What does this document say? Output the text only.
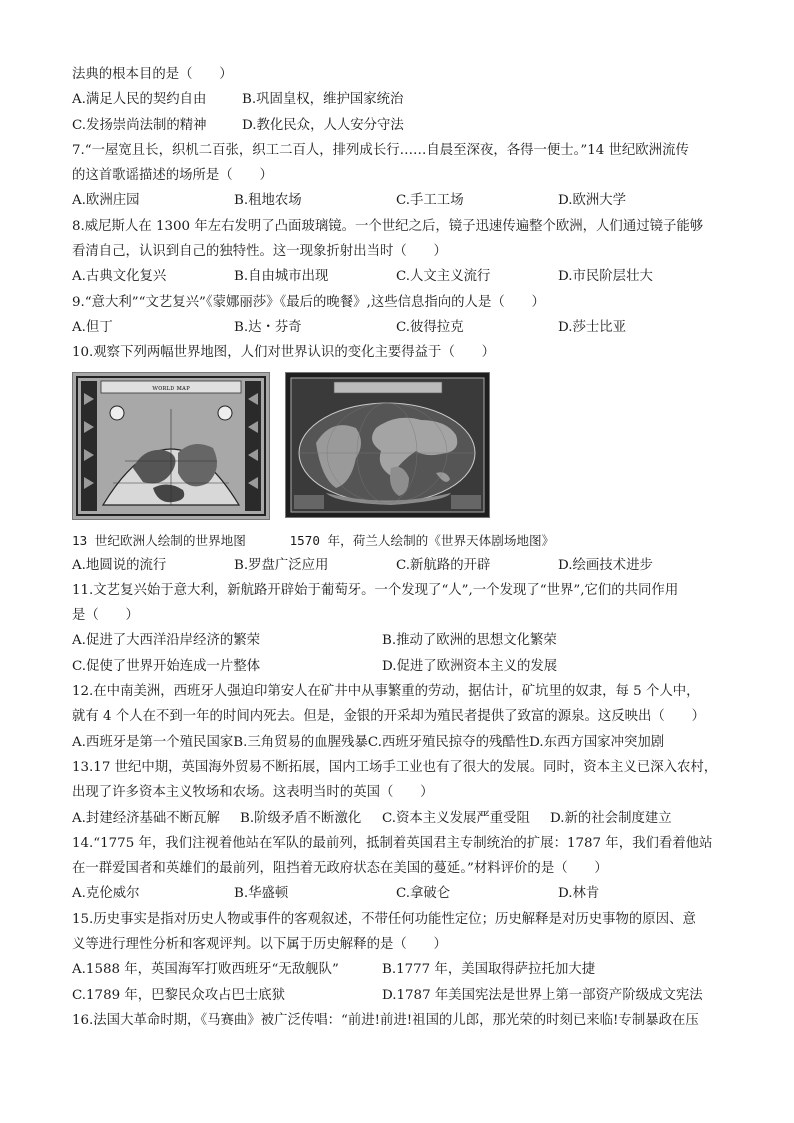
法典的根本目的是（　　）
A.满足人民的契约自由	B.巩固皇权，维护国家统治
C.发扬崇尚法制的精神	D.教化民众，人人安分守法
7.“一屋宽且长，织机二百张，织工二百人，排列成长行……自晨至深夜，各得一便士。”14 世纪欧洲流传
的这首歌谣描述的场所是（　　）
A.欧洲庄园	B.租地农场	C.手工工场	D.欧洲大学
8.威尼斯人在 1300 年左右发明了凸面玻璃镜。一个世纪之后，镜子迅速传遍整个欧洲，人们通过镜子能够
看清自己，认识到自己的独特性。这一现象折射出当时（　　）
A.古典文化复兴	B.自由城市出现	C.人文主义流行	D.市民阶层壮大
9.“意大利”“文艺复兴”《蒙娜丽莎》《最后的晚餐》,这些信息指向的人是（　　）
A.但丁	B.达・芬奇	C.彼得拉克	D.莎士比亚
10.观察下列两幅世界地图，人们对世界认识的变化主要得益于（　　）
ᴡᴏʀʟᴅ ᴍᴀᴘ
13 世纪欧洲人绘制的世界地图	1570 年，荷兰人绘制的《世界天体剧场地图》
A.地圆说的流行	B.罗盘广泛应用	C.新航路的开辟	D.绘画技术进步
11.文艺复兴始于意大利，新航路开辟始于葡萄牙。一个发现了“人”,一个发现了“世界”,它们的共同作用
是（　　）
A.促进了大西洋沿岸经济的繁荣	B.推动了欧洲的思想文化繁荣
C.促使了世界开始连成一片整体	D.促进了欧洲资本主义的发展
12.在中南美洲，西班牙人强迫印第安人在矿井中从事繁重的劳动，据估计，矿坑里的奴隶，每 5 个人中，
就有 4 个人在不到一年的时间内死去。但是，金银的开采却为殖民者提供了致富的源泉。这反映出（　　）
A.西班牙是第一个殖民国家B.三角贸易的血腥残暴C.西班牙殖民掠夺的残酷性D.东西方国家冲突加剧
13.17 世纪中期，英国海外贸易不断拓展，国内工场手工业也有了很大的发展。同时，资本主义已深入农村，
出现了许多资本主义牧场和农场。这表明当时的英国（　　）
A.封建经济基础不断瓦解	B.阶级矛盾不断激化	C.资本主义发展严重受阻	D.新的社会制度建立
14.“1775 年，我们注视着他站在军队的最前列，抵制着英国君主专制统治的扩展：1787 年，我们看着他站
在一群爱国者和英雄们的最前列，阻挡着无政府状态在美国的蔓延。”材料评价的是（　　）
A.克伦威尔	B.华盛顿	C.拿破仑	D.林肯
15.历史事实是指对历史人物或事件的客观叙述，不带任何功能性定位；历史解释是对历史事物的原因、意
义等进行理性分析和客观评判。以下属于历史解释的是（　　）
A.1588 年，英国海军打败西班牙“无敌舰队”	B.1777 年，美国取得萨拉托加大捷
C.1789 年，巴黎民众攻占巴士底狱	D.1787 年美国宪法是世界上第一部资产阶级成文宪法
16.法国大革命时期，《马赛曲》被广泛传唱：“前进!前进!祖国的儿郎，那光荣的时刻已来临!专制暴政在压
